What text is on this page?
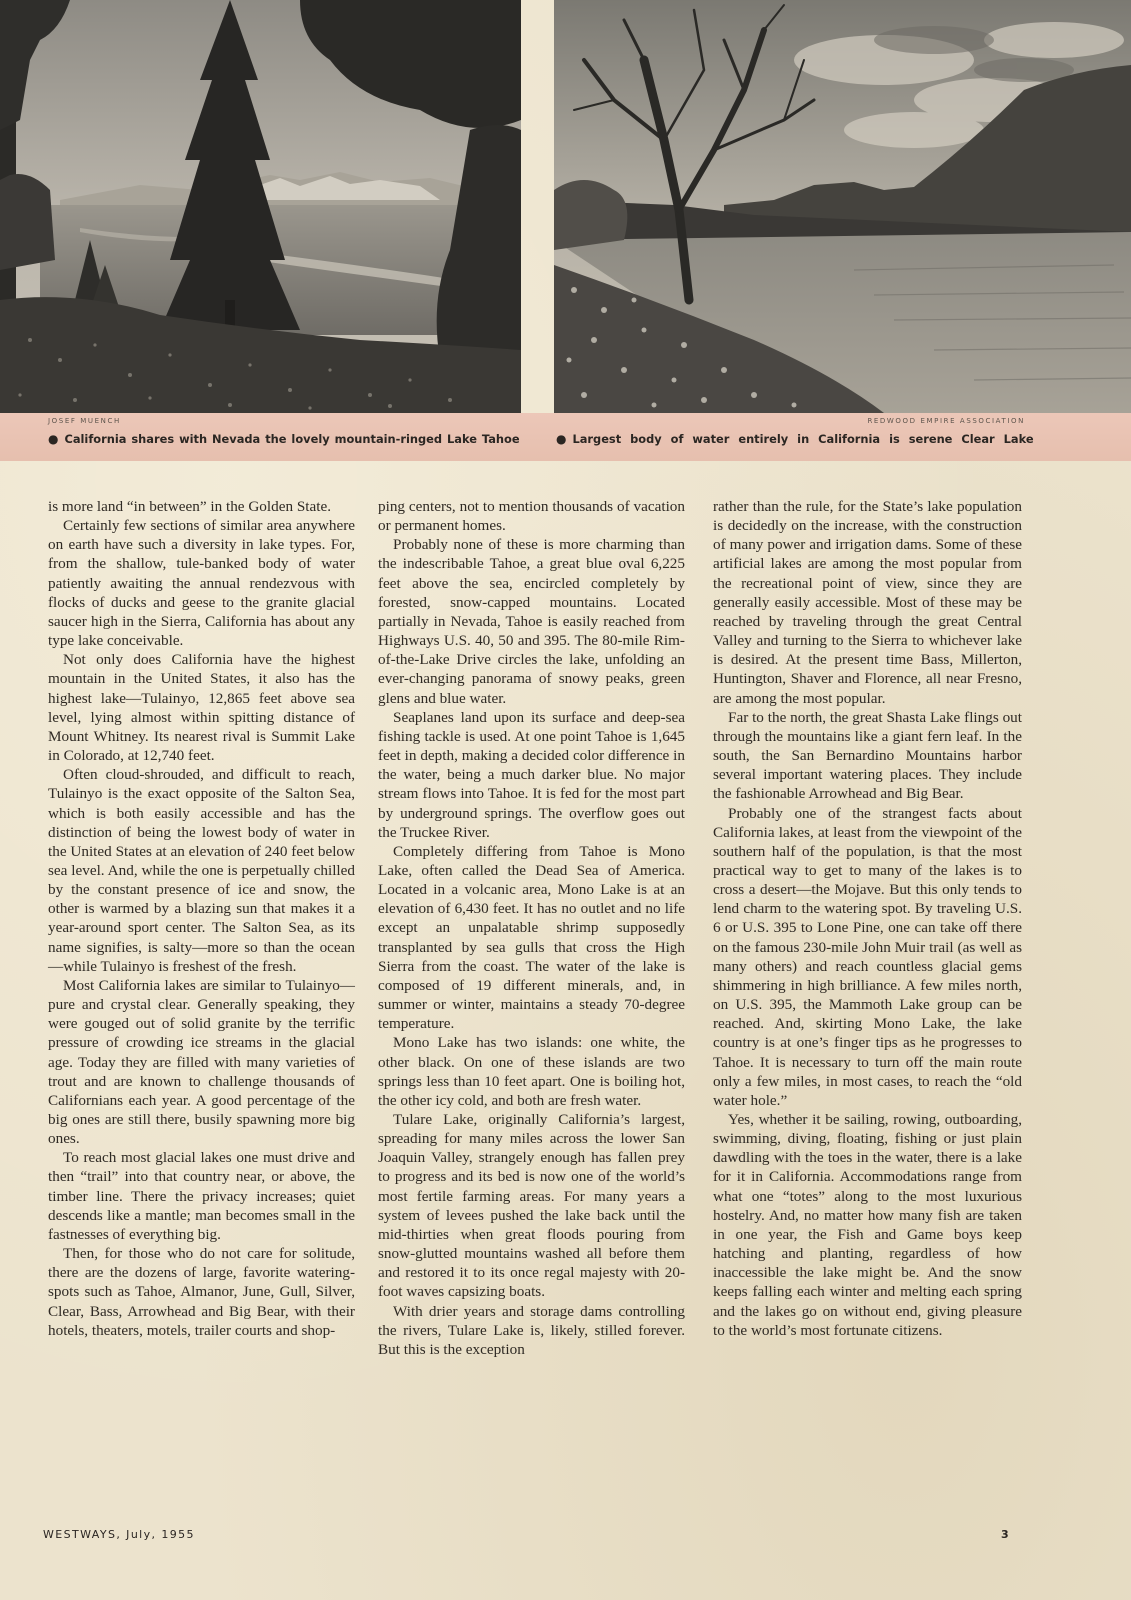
JOSEF MUENCH	REDWOOD EMPIRE ASSOCIATION
● California shares with Nevada the lovely mountain-ringed Lake Tahoe	● Largest body of water entirely in California is serene Clear Lake

is more land “in between” in the Golden State.

Certainly few sections of similar area anywhere on earth have such a diversity in lake types. For, from the shallow, tule-banked body of water patiently awaiting the annual rendezvous with flocks of ducks and geese to the granite glacial saucer high in the Sierra, California has about any type lake conceivable.

Not only does California have the highest mountain in the United States, it also has the highest lake—Tulainyo, 12,865 feet above sea level, lying almost within spitting distance of Mount Whitney. Its nearest rival is Summit Lake in Colorado, at 12,740 feet.

Often cloud-shrouded, and difficult to reach, Tulainyo is the exact opposite of the Salton Sea, which is both easily accessible and has the distinction of being the lowest body of water in the United States at an elevation of 240 feet below sea level. And, while the one is perpetually chilled by the constant presence of ice and snow, the other is warmed by a blazing sun that makes it a year-around sport center. The Salton Sea, as its name signifies, is salty—more so than the ocean—while Tulainyo is freshest of the fresh.

Most California lakes are similar to Tulainyo—pure and crystal clear. Generally speaking, they were gouged out of solid granite by the terrific pressure of crowding ice streams in the glacial age. Today they are filled with many varieties of trout and are known to challenge thousands of Californians each year. A good percentage of the big ones are still there, busily spawning more big ones.

To reach most glacial lakes one must drive and then “trail” into that country near, or above, the timber line. There the privacy increases; quiet descends like a mantle; man becomes small in the fastnesses of everything big.

Then, for those who do not care for solitude, there are the dozens of large, favorite watering-spots such as Tahoe, Almanor, June, Gull, Silver, Clear, Bass, Arrowhead and Big Bear, with their hotels, theaters, motels, trailer courts and shop-

ping centers, not to mention thousands of vacation or permanent homes.

Probably none of these is more charming than the indescribable Tahoe, a great blue oval 6,225 feet above the sea, encircled completely by forested, snow-capped mountains. Located partially in Nevada, Tahoe is easily reached from Highways U.S. 40, 50 and 395. The 80-mile Rim-of-the-Lake Drive circles the lake, unfolding an ever-changing panorama of snowy peaks, green glens and blue water.

Seaplanes land upon its surface and deep-sea fishing tackle is used. At one point Tahoe is 1,645 feet in depth, making a decided color difference in the water, being a much darker blue. No major stream flows into Tahoe. It is fed for the most part by underground springs. The overflow goes out the Truckee River.

Completely differing from Tahoe is Mono Lake, often called the Dead Sea of America. Located in a volcanic area, Mono Lake is at an elevation of 6,430 feet. It has no outlet and no life except an unpalatable shrimp supposedly transplanted by sea gulls that cross the High Sierra from the coast. The water of the lake is composed of 19 different minerals, and, in summer or winter, maintains a steady 70-degree temperature.

Mono Lake has two islands: one white, the other black. On one of these islands are two springs less than 10 feet apart. One is boiling hot, the other icy cold, and both are fresh water.

Tulare Lake, originally California’s largest, spreading for many miles across the lower San Joaquin Valley, strangely enough has fallen prey to progress and its bed is now one of the world’s most fertile farming areas. For many years a system of levees pushed the lake back until the mid-thirties when great floods pouring from snow-glutted mountains washed all before them and restored it to its once regal majesty with 20-foot waves capsizing boats.

With drier years and storage dams controlling the rivers, Tulare Lake is, likely, stilled forever. But this is the exception

rather than the rule, for the State’s lake population is decidedly on the increase, with the construction of many power and irrigation dams. Some of these artificial lakes are among the most popular from the recreational point of view, since they are generally easily accessible. Most of these may be reached by traveling through the great Central Valley and turning to the Sierra to whichever lake is desired. At the present time Bass, Millerton, Huntington, Shaver and Florence, all near Fresno, are among the most popular.

Far to the north, the great Shasta Lake flings out through the mountains like a giant fern leaf. In the south, the San Bernardino Mountains harbor several important watering places. They include the fashionable Arrowhead and Big Bear.

Probably one of the strangest facts about California lakes, at least from the viewpoint of the southern half of the population, is that the most practical way to get to many of the lakes is to cross a desert—the Mojave. But this only tends to lend charm to the watering spot. By traveling U.S. 6 or U.S. 395 to Lone Pine, one can take off there on the famous 230-mile John Muir trail (as well as many others) and reach countless glacial gems shimmering in high brilliance. A few miles north, on U.S. 395, the Mammoth Lake group can be reached. And, skirting Mono Lake, the lake country is at one’s finger tips as he progresses to Tahoe. It is necessary to turn off the main route only a few miles, in most cases, to reach the “old water hole.”

Yes, whether it be sailing, rowing, outboarding, swimming, diving, floating, fishing or just plain dawdling with the toes in the water, there is a lake for it in California. Accommodations range from what one “totes” along to the most luxurious hostelry. And, no matter how many fish are taken in one year, the Fish and Game boys keep hatching and planting, regardless of how inaccessible the lake might be. And the snow keeps falling each winter and melting each spring and the lakes go on without end, giving pleasure to the world’s most fortunate citizens.

WESTWAYS, July, 1955	3
